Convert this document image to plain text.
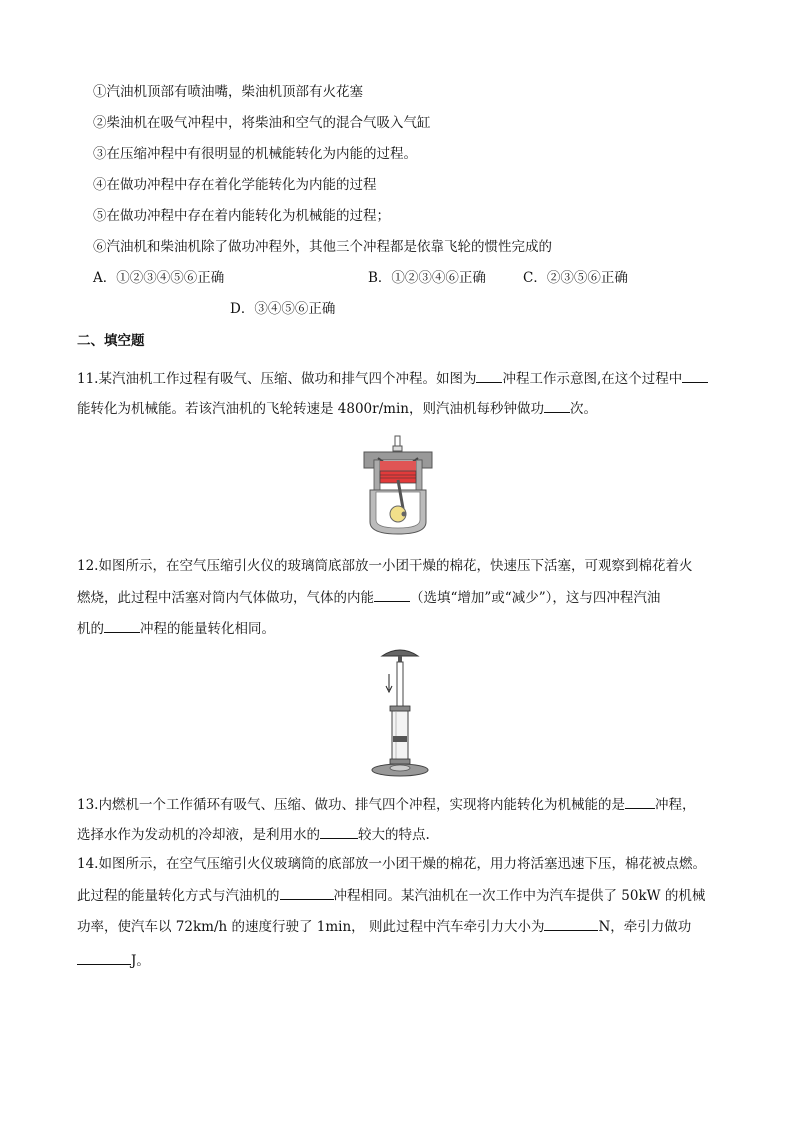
①汽油机顶部有喷油嘴，柴油机顶部有火花塞
②柴油机在吸气冲程中，将柴油和空气的混合气吸入气缸
③在压缩冲程中有很明显的机械能转化为内能的过程。
④在做功冲程中存在着化学能转化为内能的过程
⑤在做功冲程中存在着内能转化为机械能的过程；
⑥汽油机和柴油机除了做功冲程外，其他三个冲程都是依靠飞轮的惯性完成的
A．①②③④⑤⑥正确	B．①②③④⑥正确	C．②③⑤⑥正确
D．③④⑤⑥正确
二、填空题
11.某汽油机工作过程有吸气、压缩、做功和排气四个冲程。如图为 冲程工作示意图,在这个过程中
能转化为机械能。若该汽油机的飞轮转速是 4800r/min，则汽油机每秒钟做功 次。
12.如图所示，在空气压缩引火仪的玻璃筒底部放一小团干燥的棉花，快速压下活塞，可观察到棉花着火
燃烧，此过程中活塞对筒内气体做功，气体的内能	（选填“增加”或“减少”），这与四冲程汽油
机的	冲程的能量转化相同。
13.内燃机一个工作循环有吸气、压缩、做功、排气四个冲程，实现将内能转化为机械能的是 冲程，
选择水作为发动机的冷却液，是利用水的	较大的特点.
14.如图所示，在空气压缩引火仪玻璃筒的底部放一小团干燥的棉花，用力将活塞迅速下压，棉花被点燃。
此过程的能量转化方式与汽油机的	冲程相同。某汽油机在一次工作中为汽车提供了 50kW 的机械
功率，使汽车以 72km/h 的速度行驶了 1min， 则此过程中汽车牵引力大小为	N，牵引力做功
J。
